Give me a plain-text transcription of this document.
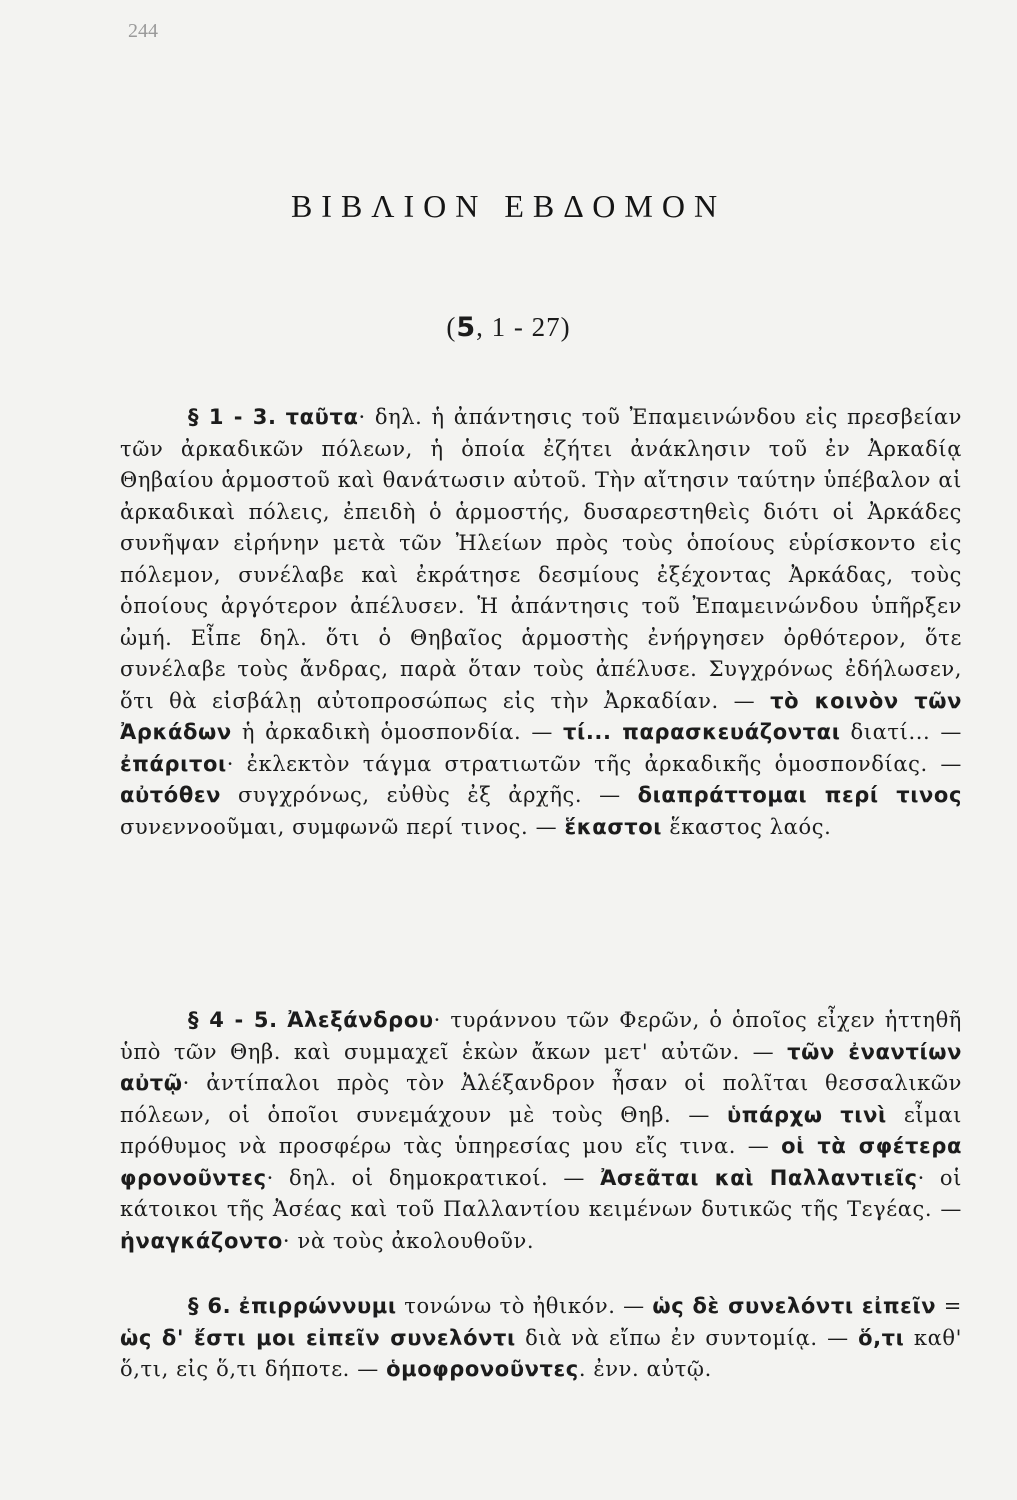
244
ΒΙΒΛΙΟΝ ΕΒΔΟΜΟΝ
(5, 1 - 27)

§ 1 - 3. ταῦτα· δηλ. ἡ ἀπάντησις τοῦ Ἐπαμεινώνδου εἰς πρεσβείαν τῶν ἀρκαδικῶν πόλεων, ἡ ὁποία ἐζήτει ἀνάκλησιν τοῦ ἐν Ἀρκαδίᾳ Θηβαίου ἁρμοστοῦ καὶ θανάτωσιν αὐτοῦ. Τὴν αἴτησιν ταύτην ὑπέβαλον αἱ ἀρκαδικαὶ πόλεις, ἐπειδὴ ὁ ἁρμοστής, δυσαρεστηθεὶς διότι οἱ Ἀρκάδες συνῆψαν εἰρήνην μετὰ τῶν Ἠλείων πρὸς τοὺς ὁποίους εὑρίσκοντο εἰς πόλεμον, συνέλαβε καὶ ἐκράτησε δεσμίους ἐξέχοντας Ἀρκάδας, τοὺς ὁποίους ἀργότερον ἀπέλυσεν. Ἡ ἀπάντησις τοῦ Ἐπαμεινώνδου ὑπῆρξεν ὠμή. Εἶπε δηλ. ὅτι ὁ Θηβαῖος ἁρμοστὴς ἐνήργησεν ὀρθότερον, ὅτε συνέλαβε τοὺς ἄνδρας, παρὰ ὅταν τοὺς ἀπέλυσε. Συγχρόνως ἐδήλωσεν, ὅτι θὰ εἰσβάλῃ αὐτοπροσώπως εἰς τὴν Ἀρκαδίαν. — τὸ κοινὸν τῶν Ἀρκάδων ἡ ἀρκαδικὴ ὁμοσπονδία. — τί... παρασκευάζονται διατί... — ἐπάριτοι· ἐκλεκτὸν τάγμα στρατιωτῶν τῆς ἀρκαδικῆς ὁμοσπονδίας. — αὐτόθεν συγχρόνως, εὐθὺς ἐξ ἀρχῆς. — διαπράττομαι περί τινος συνεννοοῦμαι, συμφωνῶ περί τινος. — ἕκαστοι ἕκαστος λαός.

§ 4 - 5. Ἀλεξάνδρου· τυράννου τῶν Φερῶν, ὁ ὁποῖος εἶχεν ἡττηθῆ ὑπὸ τῶν Θηβ. καὶ συμμαχεῖ ἑκὼν ἄκων μετ' αὐτῶν. — τῶν ἐναντίων αὐτῷ· ἀντίπαλοι πρὸς τὸν Ἀλέξανδρον ἦσαν οἱ πολῖται θεσσαλικῶν πόλεων, οἱ ὁποῖοι συνεμάχουν μὲ τοὺς Θηβ. — ὑπάρχω τινὶ εἶμαι πρόθυμος νὰ προσφέρω τὰς ὑπηρεσίας μου εἴς τινα. — οἱ τὰ σφέτερα φρονοῦντες· δηλ. οἱ δημοκρατικοί. — Ἀσεᾶται καὶ Παλλαντιεῖς· οἱ κάτοικοι τῆς Ἀσέας καὶ τοῦ Παλλαντίου κειμένων δυτικῶς τῆς Τεγέας. — ἠναγκάζοντο· νὰ τοὺς ἀκολουθοῦν.

§ 6. ἐπιρρώννυμι τονώνω τὸ ἠθικόν. — ὡς δὲ συνελόντι εἰπεῖν = ὡς δ' ἔστι μοι εἰπεῖν συνελόντι διὰ νὰ εἴπω ἐν συντομίᾳ. — ὅ,τι καθ' ὅ,τι, εἰς ὅ,τι δήποτε. — ὁμοφρονοῦντες. ἐνν. αὐτῷ.
